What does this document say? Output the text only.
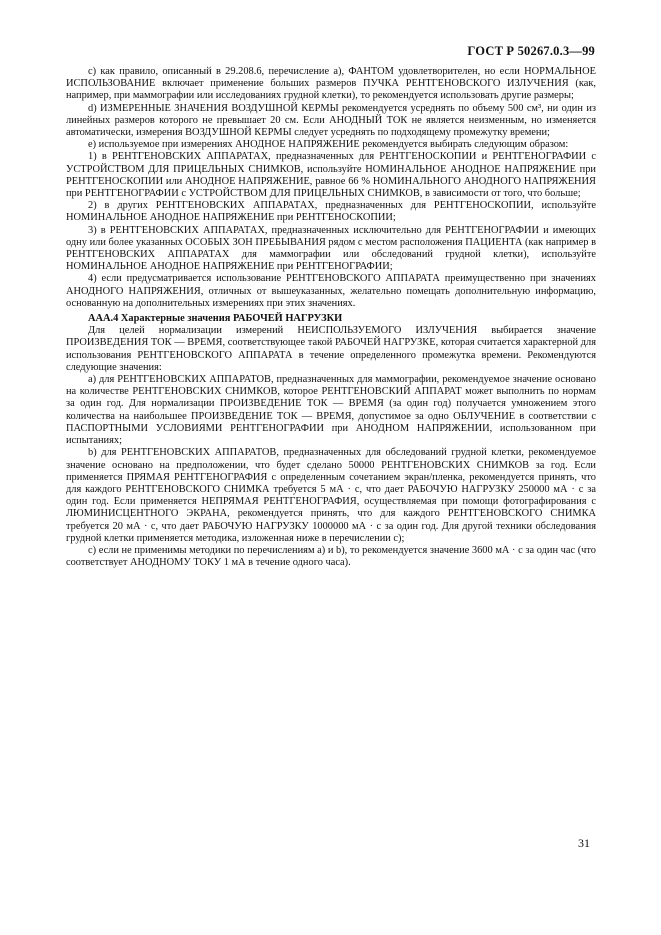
ГОСТ Р 50267.0.3—99

c) как правило, описанный в 29.208.6, перечисление а), ФАНТОМ удовлетворителен, но если НОРМАЛЬНОЕ ИСПОЛЬЗОВАНИЕ включает применение больших размеров ПУЧКА РЕНТГЕНОВСКОГО ИЗЛУЧЕНИЯ (как, например, при маммографии или исследованиях грудной клетки), то рекомендуется использовать другие размеры;

d) ИЗМЕРЕННЫЕ ЗНАЧЕНИЯ ВОЗДУШНОЙ КЕРМЫ рекомендуется усреднять по объему 500 см³, ни один из линейных размеров которого не превышает 20 см. Если АНОДНЫЙ ТОК не является неизменным, но изменяется автоматически, измерения ВОЗДУШНОЙ КЕРМЫ следует усреднять по подходящему промежутку времени;

e) используемое при измерениях АНОДНОЕ НАПРЯЖЕНИЕ рекомендуется выбирать следующим образом:

1) в РЕНТГЕНОВСКИХ АППАРАТАХ, предназначенных для РЕНТГЕНОСКОПИИ и РЕНТГЕНОГРАФИИ с УСТРОЙСТВОМ ДЛЯ ПРИЦЕЛЬНЫХ СНИМКОВ, используйте НОМИНАЛЬНОЕ АНОДНОЕ НАПРЯЖЕНИЕ при РЕНТГЕНОСКОПИИ или АНОДНОЕ НАПРЯЖЕНИЕ, равное 66 % НОМИНАЛЬНОГО АНОДНОГО НАПРЯЖЕНИЯ при РЕНТГЕНОГРАФИИ с УСТРОЙСТВОМ ДЛЯ ПРИЦЕЛЬНЫХ СНИМКОВ, в зависимости от того, что больше;

2) в других РЕНТГЕНОВСКИХ АППАРАТАХ, предназначенных для РЕНТГЕНОСКОПИИ, используйте НОМИНАЛЬНОЕ АНОДНОЕ НАПРЯЖЕНИЕ при РЕНТГЕНОСКОПИИ;

3) в РЕНТГЕНОВСКИХ АППАРАТАХ, предназначенных исключительно для РЕНТГЕНОГРАФИИ и имеющих одну или более указанных ОСОБЫХ ЗОН ПРЕБЫВАНИЯ рядом с местом расположения ПАЦИЕНТА (как например в РЕНТГЕНОВСКИХ АППАРАТАХ для маммографии или обследований грудной клетки), используйте НОМИНАЛЬНОЕ АНОДНОЕ НАПРЯЖЕНИЕ при РЕНТГЕНОГРАФИИ;

4) если предусматривается использование РЕНТГЕНОВСКОГО АППАРАТА преимущественно при значениях АНОДНОГО НАПРЯЖЕНИЯ, отличных от вышеуказанных, желательно помещать дополнительную информацию, основанную на дополнительных измерениях при этих значениях.

AAA.4 Характерные значения РАБОЧЕЙ НАГРУЗКИ

Для целей нормализации измерений НЕИСПОЛЬЗУЕМОГО ИЗЛУЧЕНИЯ выбирается значение ПРОИЗВЕДЕНИЯ ТОК — ВРЕМЯ, соответствующее такой РАБОЧЕЙ НАГРУЗКЕ, которая считается характерной для использования РЕНТГЕНОВСКОГО АППАРАТА в течение определенного промежутка времени. Рекомендуются следующие значения:

а) для РЕНТГЕНОВСКИХ АППАРАТОВ, предназначенных для маммографии, рекомендуемое значение основано на количестве РЕНТГЕНОВСКИХ СНИМКОВ, которое РЕНТГЕНОВСКИЙ АППАРАТ может выполнить по нормам за один год. Для нормализации ПРОИЗВЕДЕНИЕ ТОК — ВРЕМЯ (за один год) получается умножением этого количества на наибольшее ПРОИЗВЕДЕНИЕ ТОК — ВРЕМЯ, допустимое за одно ОБЛУЧЕНИЕ в соответствии с ПАСПОРТНЫМИ УСЛОВИЯМИ РЕНТГЕНОГРАФИИ при АНОДНОМ НАПРЯЖЕНИИ, использованном при испытаниях;

b) для РЕНТГЕНОВСКИХ АППАРАТОВ, предназначенных для обследований грудной клетки, рекомендуемое значение основано на предположении, что будет сделано 50000 РЕНТГЕНОВСКИХ СНИМКОВ за год. Если применяется ПРЯМАЯ РЕНТГЕНОГРАФИЯ с определенным сочетанием экран/пленка, рекомендуется принять, что для каждого РЕНТГЕНОВСКОГО СНИМКА требуется 5 мА · с, что дает РАБОЧУЮ НАГРУЗКУ 250000 мА · с за один год. Если применяется НЕПРЯМАЯ РЕНТГЕНОГРАФИЯ, осуществляемая при помощи фотографирования с ЛЮМИНИСЦЕНТНОГО ЭКРАНА, рекомендуется принять, что для каждого РЕНТГЕНОВСКОГО СНИМКА требуется 20 мА · с, что дает РАБОЧУЮ НАГРУЗКУ 1000000 мА · с за один год. Для другой техники обследования грудной клетки применяется методика, изложенная ниже в перечислении с);

с) если не применимы методики по перечислениям а) и b), то рекомендуется значение 3600 мА · с за один час (что соответствует АНОДНОМУ ТОКУ 1 мА в течение одного часа).

31
